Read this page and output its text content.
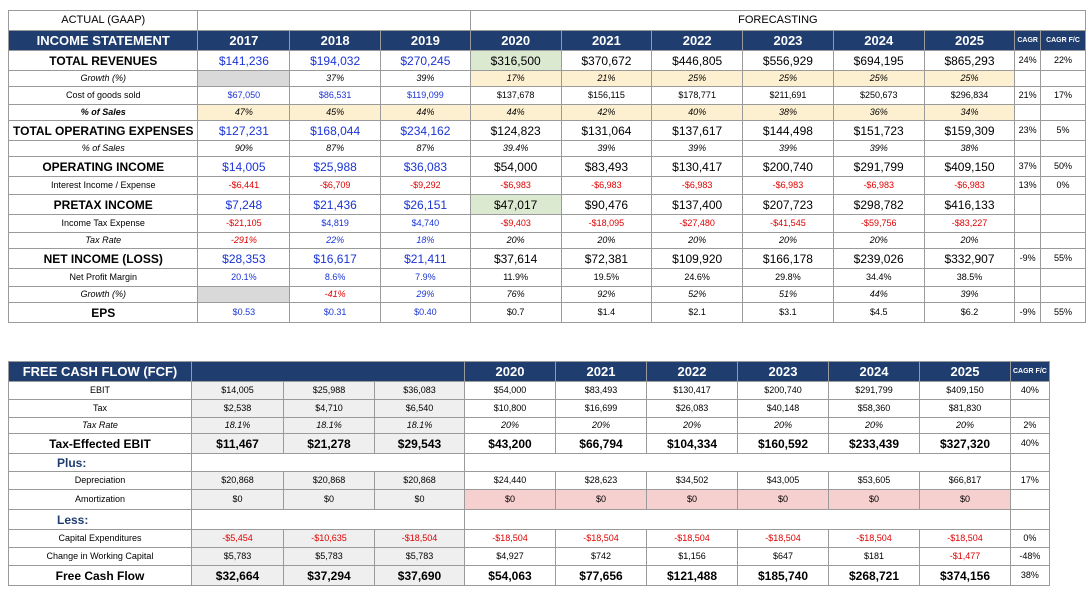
ACTUAL (GAAP)				FORECASTING							
INCOME STATEMENT	2017	2018	2019	2020	2021	2022	2023	2024	2025	CAGR	CAGR F/C
TOTAL REVENUES	$141,236	$194,032	$270,245	$316,500	$370,672	$446,805	$556,929	$694,195	$865,293	24%	22%
Growth (%)		37%	39%	17%	21%	25%	25%	25%	25%		
Cost of goods sold	$67,050	$86,531	$119,099	$137,678	$156,115	$178,771	$211,691	$250,673	$296,834	21%	17%
% of Sales	47%	45%	44%	44%	42%	40%	38%	36%	34%		
TOTAL OPERATING EXPENSES	$127,231	$168,044	$234,162	$124,823	$131,064	$137,617	$144,498	$151,723	$159,309	23%	5%
% of Sales	90%	87%	87%	39.4%	39%	39%	39%	39%	38%		
OPERATING INCOME	$14,005	$25,988	$36,083	$54,000	$83,493	$130,417	$200,740	$291,799	$409,150	37%	50%
Interest Income / Expense	-$6,441	-$6,709	-$9,292	-$6,983	-$6,983	-$6,983	-$6,983	-$6,983	-$6,983	13%	0%
PRETAX INCOME	$7,248	$21,436	$26,151	$47,017	$90,476	$137,400	$207,723	$298,782	$416,133		
Income Tax Expense	-$21,105	$4,819	$4,740	-$9,403	-$18,095	-$27,480	-$41,545	-$59,756	-$83,227		
Tax Rate	-291%	22%	18%	20%	20%	20%	20%	20%	20%		
NET INCOME (LOSS)	$28,353	$16,617	$21,411	$37,614	$72,381	$109,920	$166,178	$239,026	$332,907	-9%	55%
Net Profit Margin	20.1%	8.6%	7.9%	11.9%	19.5%	24.6%	29.8%	34.4%	38.5%		
Growth (%)		-41%	29%	76%	92%	52%	51%	44%	39%		
EPS	$0.53	$0.31	$0.40	$0.7	$1.4	$2.1	$3.1	$4.5	$6.2	-9%	55%
FREE CASH FLOW (FCF)				2020	2021	2022	2023	2024	2025	CAGR F/C
EBIT	$14,005	$25,988	$36,083	$54,000	$83,493	$130,417	$200,740	$291,799	$409,150	40%
Tax	$2,538	$4,710	$6,540	$10,800	$16,699	$26,083	$40,148	$58,360	$81,830	
Tax Rate	18.1%	18.1%	18.1%	20%	20%	20%	20%	20%	20%	2%
Tax-Effected EBIT	$11,467	$21,278	$29,543	$43,200	$66,794	$104,334	$160,592	$233,439	$327,320	40%
Plus:										
Depreciation	$20,868	$20,868	$20,868	$24,440	$28,623	$34,502	$43,005	$53,605	$66,817	17%
Amortization	$0	$0	$0	$0	$0	$0	$0	$0	$0	
Less:										
Capital Expenditures	-$5,454	-$10,635	-$18,504	-$18,504	-$18,504	-$18,504	-$18,504	-$18,504	-$18,504	0%
Change in Working Capital	$5,783	$5,783	$5,783	$4,927	$742	$1,156	$647	$181	-$1,477	-48%
Free Cash Flow	$32,664	$37,294	$37,690	$54,063	$77,656	$121,488	$185,740	$268,721	$374,156	38%
